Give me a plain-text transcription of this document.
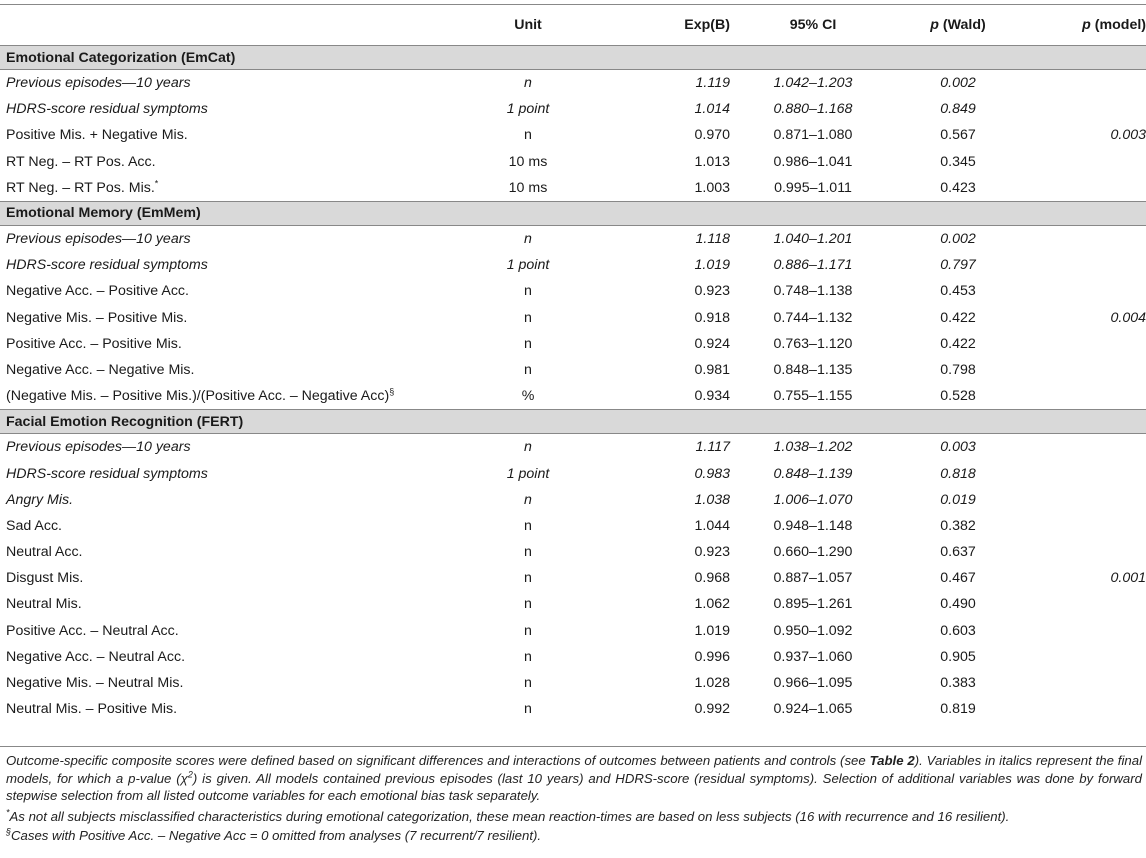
	Unit	Exp(B)	95% CI	p (Wald)	p (model)
Emotional Categorization (EmCat)					
Previous episodes—10 years	n	1.119	1.042–1.203	0.002	
HDRS-score residual symptoms	1 point	1.014	0.880–1.168	0.849	
Positive Mis. + Negative Mis.	n	0.970	0.871–1.080	0.567	0.003
RT Neg. – RT Pos. Acc.	10 ms	1.013	0.986–1.041	0.345	
RT Neg. – RT Pos. Mis.*	10 ms	1.003	0.995–1.011	0.423	
Emotional Memory (EmMem)					
Previous episodes—10 years	n	1.118	1.040–1.201	0.002	
HDRS-score residual symptoms	1 point	1.019	0.886–1.171	0.797	
Negative Acc. – Positive Acc.	n	0.923	0.748–1.138	0.453	
Negative Mis. – Positive Mis.	n	0.918	0.744–1.132	0.422	0.004
Positive Acc. – Positive Mis.	n	0.924	0.763–1.120	0.422	
Negative Acc. – Negative Mis.	n	0.981	0.848–1.135	0.798	
(Negative Mis. – Positive Mis.)/(Positive Acc. – Negative Acc)§	%	0.934	0.755–1.155	0.528	
Facial Emotion Recognition (FERT)					
Previous episodes—10 years	n	1.117	1.038–1.202	0.003	
HDRS-score residual symptoms	1 point	0.983	0.848–1.139	0.818	
Angry Mis.	n	1.038	1.006–1.070	0.019	
Sad Acc.	n	1.044	0.948–1.148	0.382	
Neutral Acc.	n	0.923	0.660–1.290	0.637	
Disgust Mis.	n	0.968	0.887–1.057	0.467	0.001
Neutral Mis.	n	1.062	0.895–1.261	0.490	
Positive Acc. – Neutral Acc.	n	1.019	0.950–1.092	0.603	
Negative Acc. – Neutral Acc.	n	0.996	0.937–1.060	0.905	
Negative Mis. – Neutral Mis.	n	1.028	0.966–1.095	0.383	
Neutral Mis. – Positive Mis.	n	0.992	0.924–1.065	0.819	

Outcome-specific composite scores were defined based on significant differences and interactions of outcomes between patients and controls (see Table 2). Variables in italics represent the final models, for which a p-value $(\chi^2)$ is given. All models contained previous episodes (last 10 years) and HDRS-score (residual symptoms). Selection of additional variables was done by forward stepwise selection from all listed outcome variables for each emotional bias task separately.

*As not all subjects misclassified characteristics during emotional categorization, these mean reaction-times are based on less subjects (16 with recurrence and 16 resilient).

§Cases with Positive Acc. – Negative Acc = 0 omitted from analyses (7 recurrent/7 resilient).
